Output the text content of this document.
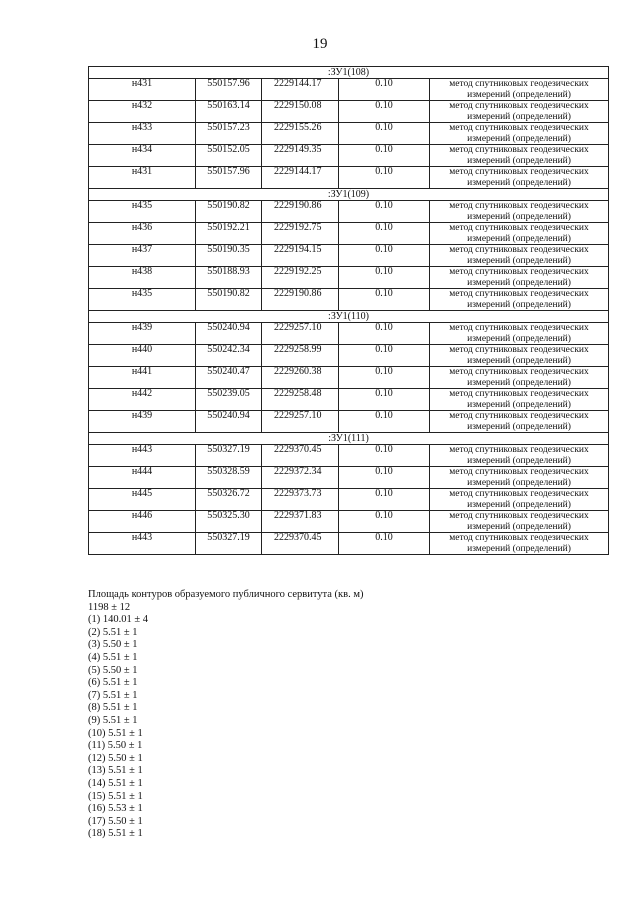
19
:ЗУ1(108)				
н431	550157.96	2229144.17	0.10	метод спутниковых геодезических измерений (определений)
н432	550163.14	2229150.08	0.10	метод спутниковых геодезических измерений (определений)
н433	550157.23	2229155.26	0.10	метод спутниковых геодезических измерений (определений)
н434	550152.05	2229149.35	0.10	метод спутниковых геодезических измерений (определений)
н431	550157.96	2229144.17	0.10	метод спутниковых геодезических измерений (определений)
:ЗУ1(109)				
н435	550190.82	2229190.86	0.10	метод спутниковых геодезических измерений (определений)
н436	550192.21	2229192.75	0.10	метод спутниковых геодезических измерений (определений)
н437	550190.35	2229194.15	0.10	метод спутниковых геодезических измерений (определений)
н438	550188.93	2229192.25	0.10	метод спутниковых геодезических измерений (определений)
н435	550190.82	2229190.86	0.10	метод спутниковых геодезических измерений (определений)
:ЗУ1(110)				
н439	550240.94	2229257.10	0.10	метод спутниковых геодезических измерений (определений)
н440	550242.34	2229258.99	0.10	метод спутниковых геодезических измерений (определений)
н441	550240.47	2229260.38	0.10	метод спутниковых геодезических измерений (определений)
н442	550239.05	2229258.48	0.10	метод спутниковых геодезических измерений (определений)
н439	550240.94	2229257.10	0.10	метод спутниковых геодезических измерений (определений)
:ЗУ1(111)				
н443	550327.19	2229370.45	0.10	метод спутниковых геодезических измерений (определений)
н444	550328.59	2229372.34	0.10	метод спутниковых геодезических измерений (определений)
н445	550326.72	2229373.73	0.10	метод спутниковых геодезических измерений (определений)
н446	550325.30	2229371.83	0.10	метод спутниковых геодезических измерений (определений)
н443	550327.19	2229370.45	0.10	метод спутниковых геодезических измерений (определений)
Площадь контуров образуемого публичного сервитута (кв. м)
1198 ± 12
(1) 140.01 ± 4
(2) 5.51 ± 1
(3) 5.50 ± 1
(4) 5.51 ± 1
(5) 5.50 ± 1
(6) 5.51 ± 1
(7) 5.51 ± 1
(8) 5.51 ± 1
(9) 5.51 ± 1
(10) 5.51 ± 1
(11) 5.50 ± 1
(12) 5.50 ± 1
(13) 5.51 ± 1
(14) 5.51 ± 1
(15) 5.51 ± 1
(16) 5.53 ± 1
(17) 5.50 ± 1
(18) 5.51 ± 1
